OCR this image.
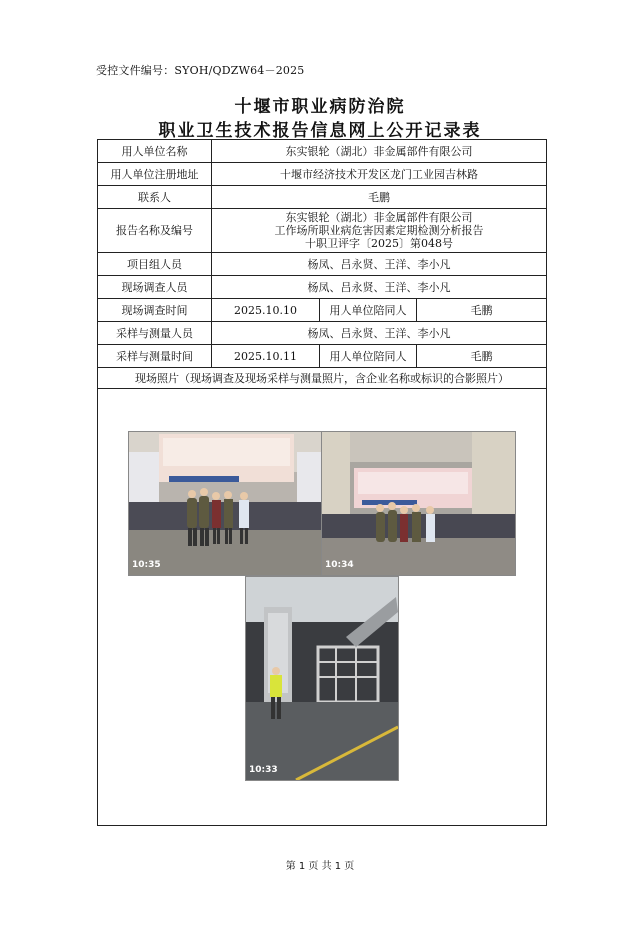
受控文件编号：SYOH/QDZW64－2025
十堰市职业病防治院
职业卫生技术报告信息网上公开记录表
用人单位名称	东实银轮（湖北）非金属部件有限公司		
用人单位注册地址	十堰市经济技术开发区龙门工业园吉林路		
联系人	毛鹏		
报告名称及编号	东实银轮（湖北）非金属部件有限公司
工作场所职业病危害因素定期检测分析报告
十职卫评字〔2025〕第048号		

项目组人员	杨凤、吕永贤、王洋、李小凡		
现场调查人员	杨凤、吕永贤、王洋、李小凡		
现场调查时间	2025.10.10	用人单位陪同人	毛鹏
采样与测量人员	杨凤、吕永贤、王洋、李小凡		
采样与测量时间	2025.10.11	用人单位陪同人	毛鹏
现场照片（现场调查及现场采样与测量照片，含企业名称或标识的合影照片）			

10:35 10:34
10:33			
第 1 页 共 1 页
